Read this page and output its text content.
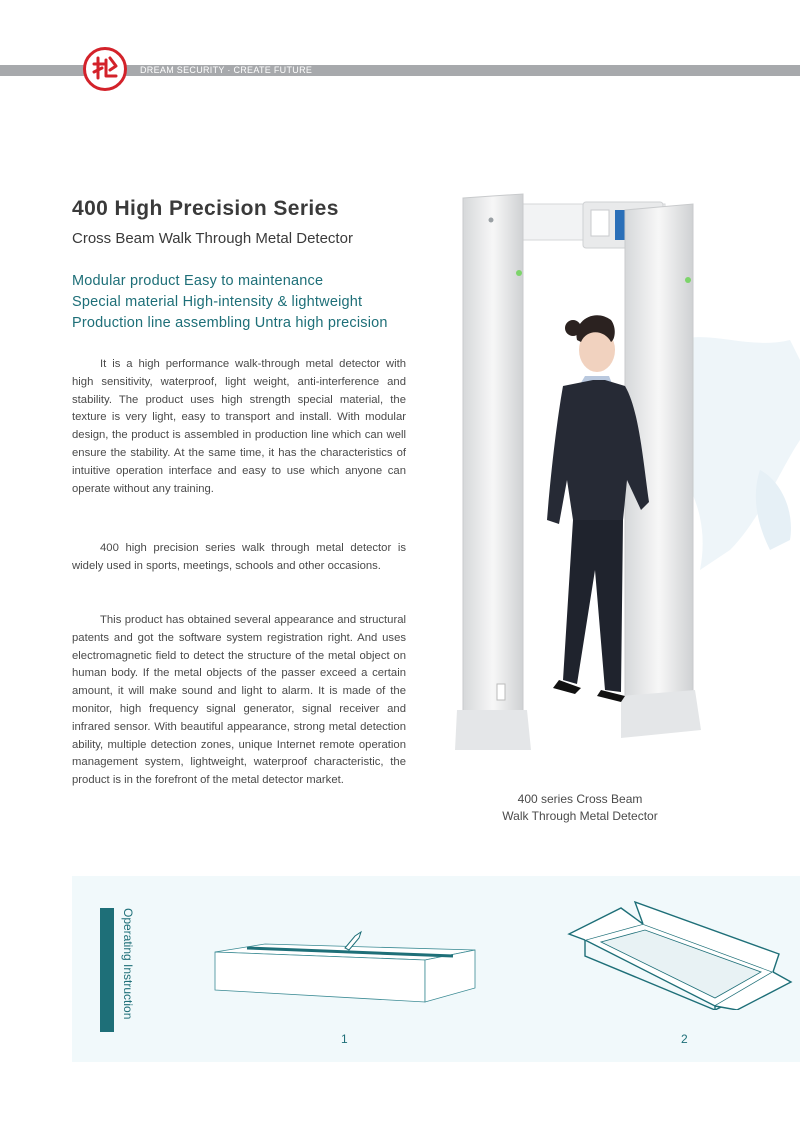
DREAM SECURITY · CREATE FUTURE
400 High Precision Series
Cross Beam Walk Through Metal Detector
Modular product Easy to maintenance
Special material High-intensity & lightweight
Production line assembling Untra high precision

It is a high performance walk-through metal detector with high sensitivity, waterproof, light weight, anti-interference and stability. The product uses high strength special material, the texture is very light, easy to transport and install. With modular design, the product is assembled in production line which can well ensure the stability. At the same time, it has the characteristics of intuitive operation interface and easy to use which anyone can operate without any training.

400 high precision series walk through metal detector is widely used in sports, meetings, schools and other occasions.

This product has obtained several appearance and structural patents and got the software system registration right. And uses electromagnetic field to detect the structure of the metal object on human body. If the metal objects of the passer exceed a certain amount, it will make sound and light to alarm. It is made of the monitor, high frequency signal generator, signal receiver and infrared sensor. With beautiful appearance, strong metal detection ability, multiple detection zones, unique Internet remote operation management system, lightweight, waterproof characteristic, the product is in the forefront of the metal detector market.

400 series Cross Beam
Walk Through Metal Detector
Operating Instruction
1	2
